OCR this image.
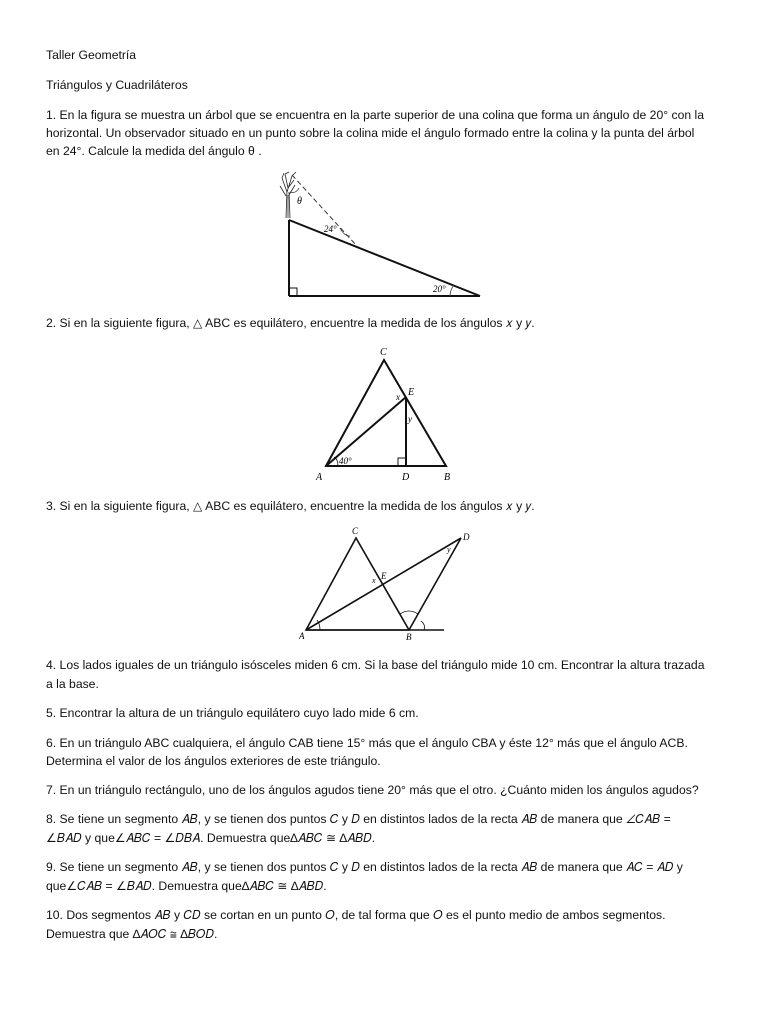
Taller Geometría
Triángulos y Cuadriláteros
1. En la figura se muestra un árbol que se encuentra en la parte superior de una colina que forma un ángulo de 20° con la
horizontal. Un observador situado en un punto sobre la colina mide el ángulo formado entre la colina y la punta del árbol
en 24°. Calcule la medida del ángulo θ .
θ
24°
20°
2. Si en la siguiente figura, △ ABC es equilátero, encuentre la medida de los ángulos 𝑥 y 𝑦.
C
E
x
y
A	D	B
40°
3. Si en la siguiente figura, △ ABC es equilátero, encuentre la medida de los ángulos 𝑥 y 𝑦.
C
D
E
x
y
A	B
4. Los lados iguales de un triángulo isósceles miden 6 cm. Si la base del triángulo mide 10 cm. Encontrar la altura trazada
a la base.
5. Encontrar la altura de un triángulo equilátero cuyo lado mide 6 cm.
6. En un triángulo ABC cualquiera, el ángulo CAB tiene 15° más que el ángulo CBA y éste 12° más que el ángulo ACB.
Determina el valor de los ángulos exteriores de este triángulo.
7. En un triángulo rectángulo, uno de los ángulos agudos tiene 20° más que el otro. ¿Cuánto miden los ángulos agudos?
8. Se tiene un segmento 𝐴𝐵, y se tienen dos puntos 𝐶 y 𝐷 en distintos lados de la recta 𝐴𝐵 de manera que ∠𝐶𝐴𝐵 =
∠𝐵𝐴𝐷 y que∠𝐴𝐵𝐶 = ∠𝐷𝐵𝐴. Demuestra que∆𝐴𝐵𝐶 ≅ ∆𝐴𝐵𝐷.
9. Se tiene un segmento 𝐴𝐵, y se tienen dos puntos 𝐶 y 𝐷 en distintos lados de la recta 𝐴𝐵 de manera que 𝐴𝐶 = 𝐴𝐷 y
que∠𝐶𝐴𝐵 = ∠𝐵𝐴𝐷. Demuestra que∆𝐴𝐵𝐶 ≅ ∆𝐴𝐵𝐷.
10. Dos segmentos 𝐴𝐵 y 𝐶𝐷 se cortan en un punto 𝑂, de tal forma que 𝑂 es el punto medio de ambos segmentos.
Demuestra que ∆𝐴𝑂𝐶 ≅ ∆𝐵𝑂𝐷.
